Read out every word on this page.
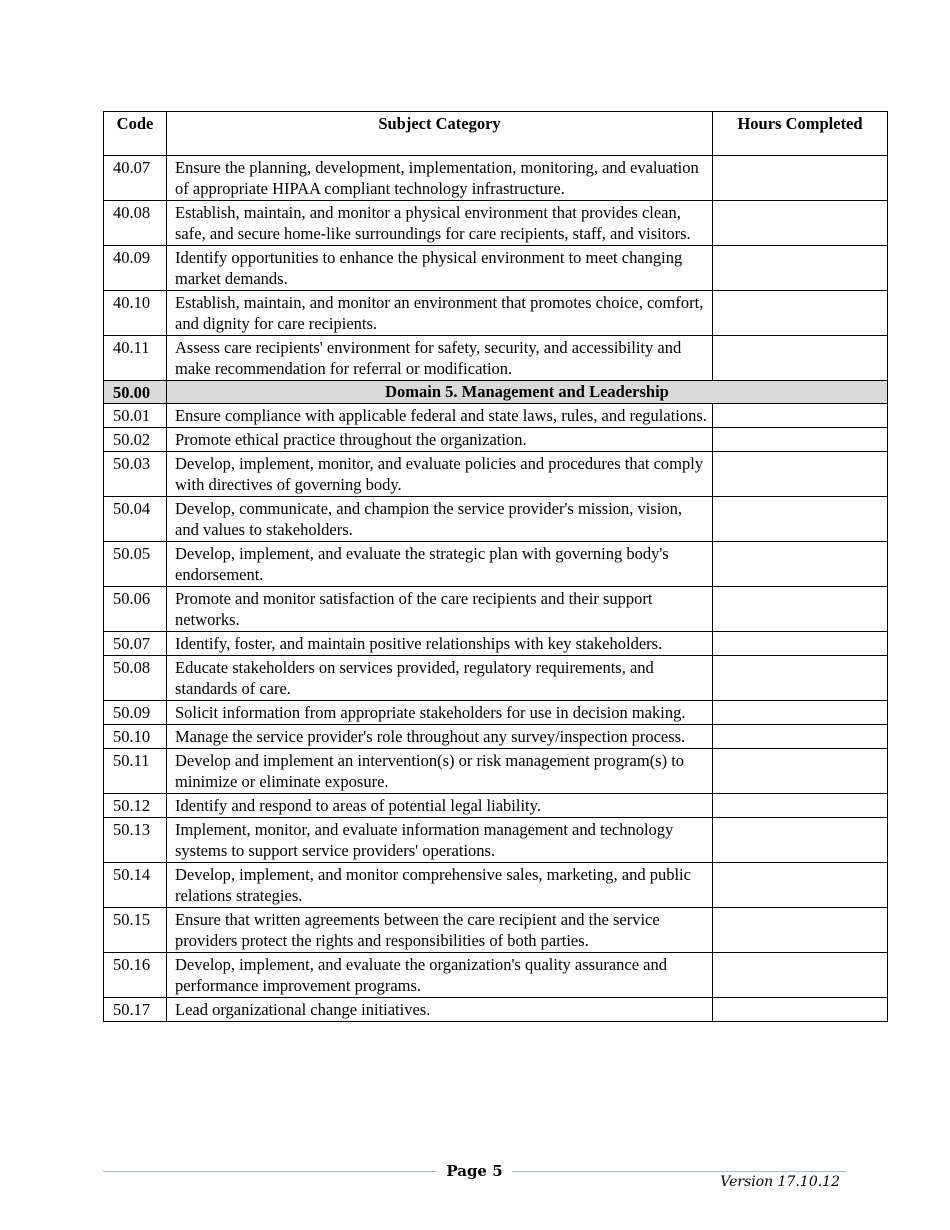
Code	Subject Category	Hours Completed
40.07	Ensure the planning, development, implementation, monitoring, and evaluation of appropriate HIPAA compliant technology infrastructure.	
40.08	Establish, maintain, and monitor a physical environment that provides clean, safe, and secure home-like surroundings for care recipients, staff, and visitors.	
40.09	Identify opportunities to enhance the physical environment to meet changing market demands.	
40.10	Establish, maintain, and monitor an environment that promotes choice, comfort, and dignity for care recipients.	
40.11	Assess care recipients' environment for safety, security, and accessibility and make recommendation for referral or modification.	
50.00	Domain 5. Management and Leadership	
50.01	Ensure compliance with applicable federal and state laws, rules, and regulations.	
50.02	Promote ethical practice throughout the organization.	
50.03	Develop, implement, monitor, and evaluate policies and procedures that comply with directives of governing body.	
50.04	Develop, communicate, and champion the service provider's mission, vision, and values to stakeholders.	
50.05	Develop, implement, and evaluate the strategic plan with governing body's endorsement.	
50.06	Promote and monitor satisfaction of the care recipients and their support networks.	
50.07	Identify, foster, and maintain positive relationships with key stakeholders.	
50.08	Educate stakeholders on services provided, regulatory requirements, and standards of care.	
50.09	Solicit information from appropriate stakeholders for use in decision making.	
50.10	Manage the service provider's role throughout any survey/inspection process.	
50.11	Develop and implement an intervention(s) or risk management program(s) to minimize or eliminate exposure.	
50.12	Identify and respond to areas of potential legal liability.	
50.13	Implement, monitor, and evaluate information management and technology systems to support service providers' operations.	
50.14	Develop, implement, and monitor comprehensive sales, marketing, and public relations strategies.	
50.15	Ensure that written agreements between the care recipient and the service providers protect the rights and responsibilities of both parties.	
50.16	Develop, implement, and evaluate the organization's quality assurance and performance improvement programs.	
50.17	Lead organizational change initiatives.	
Page 5
Version 17.10.12
